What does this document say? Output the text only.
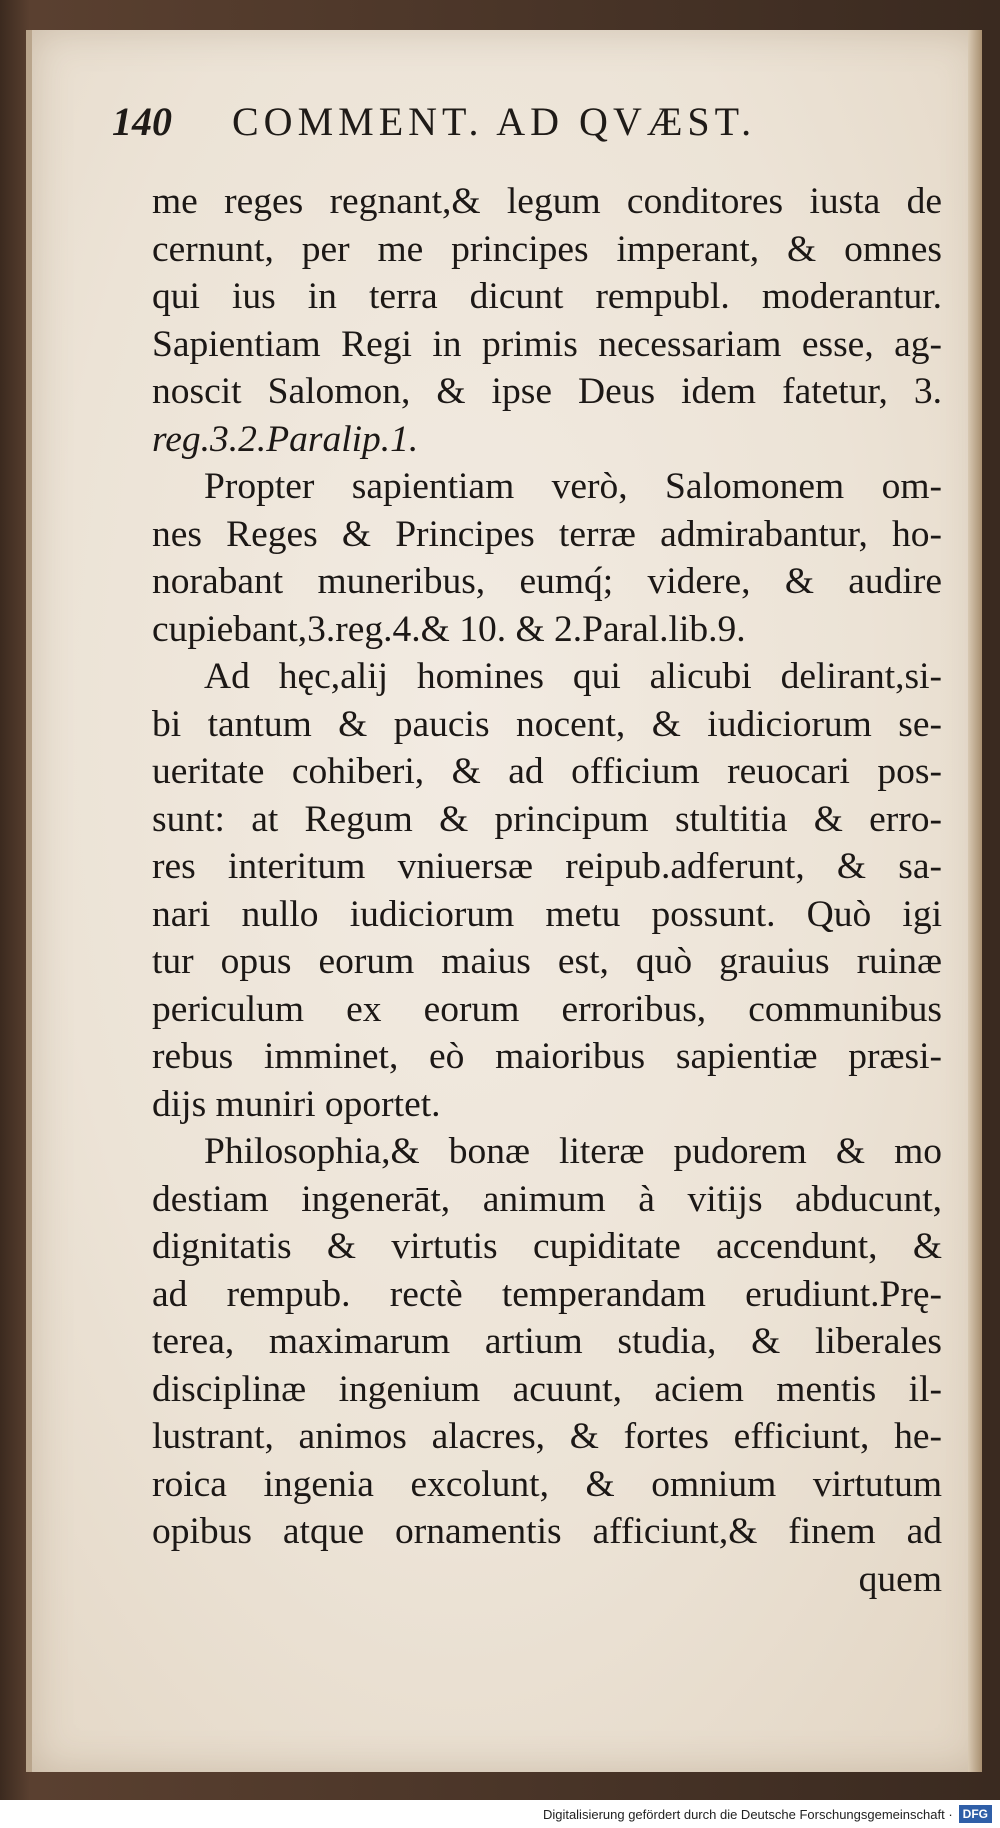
140	COMMENT. AD QVÆST.
me reges regnant,& legum conditores iusta de
cernunt, per me principes imperant, & omnes
qui ius in terra dicunt rempubl. moderantur.
Sapientiam Regi in primis necessariam esse, ag-
noscit Salomon, & ipse Deus idem fatetur, 3.
reg.3.2.Paralip.1.
Propter sapientiam verò, Salomonem om-
nes Reges & Principes terræ admirabantur, ho-
norabant muneribus, eumq́; videre, & audire
cupiebant,3.reg.4.& 10. & 2.Paral.lib.9.
Ad hęc,alij homines qui alicubi delirant,si-
bi tantum & paucis nocent, & iudiciorum se-
ueritate cohiberi, & ad officium reuocari pos-
sunt: at Regum & principum stultitia & erro-
res interitum vniuersæ reipub.adferunt, & sa-
nari nullo iudiciorum metu possunt. Quò igi
tur opus eorum maius est, quò grauius ruinæ
periculum ex eorum erroribus, communibus
rebus imminet, eò maioribus sapientiæ præsi-
dijs muniri oportet.
Philosophia,& bonæ literæ pudorem & mo
destiam ingenerāt, animum à vitijs abducunt,
dignitatis & virtutis cupiditate accendunt, &
ad rempub. rectè temperandam erudiunt.Prę-
terea, maximarum artium studia, & liberales
disciplinæ ingenium acuunt, aciem mentis il-
lustrant, animos alacres, & fortes efficiunt, he-
roica ingenia excolunt, & omnium virtutum
opibus atque ornamentis afficiunt,& finem ad
quem
Digitalisierung gefördert durch die Deutsche Forschungsgemeinschaft · DFG
